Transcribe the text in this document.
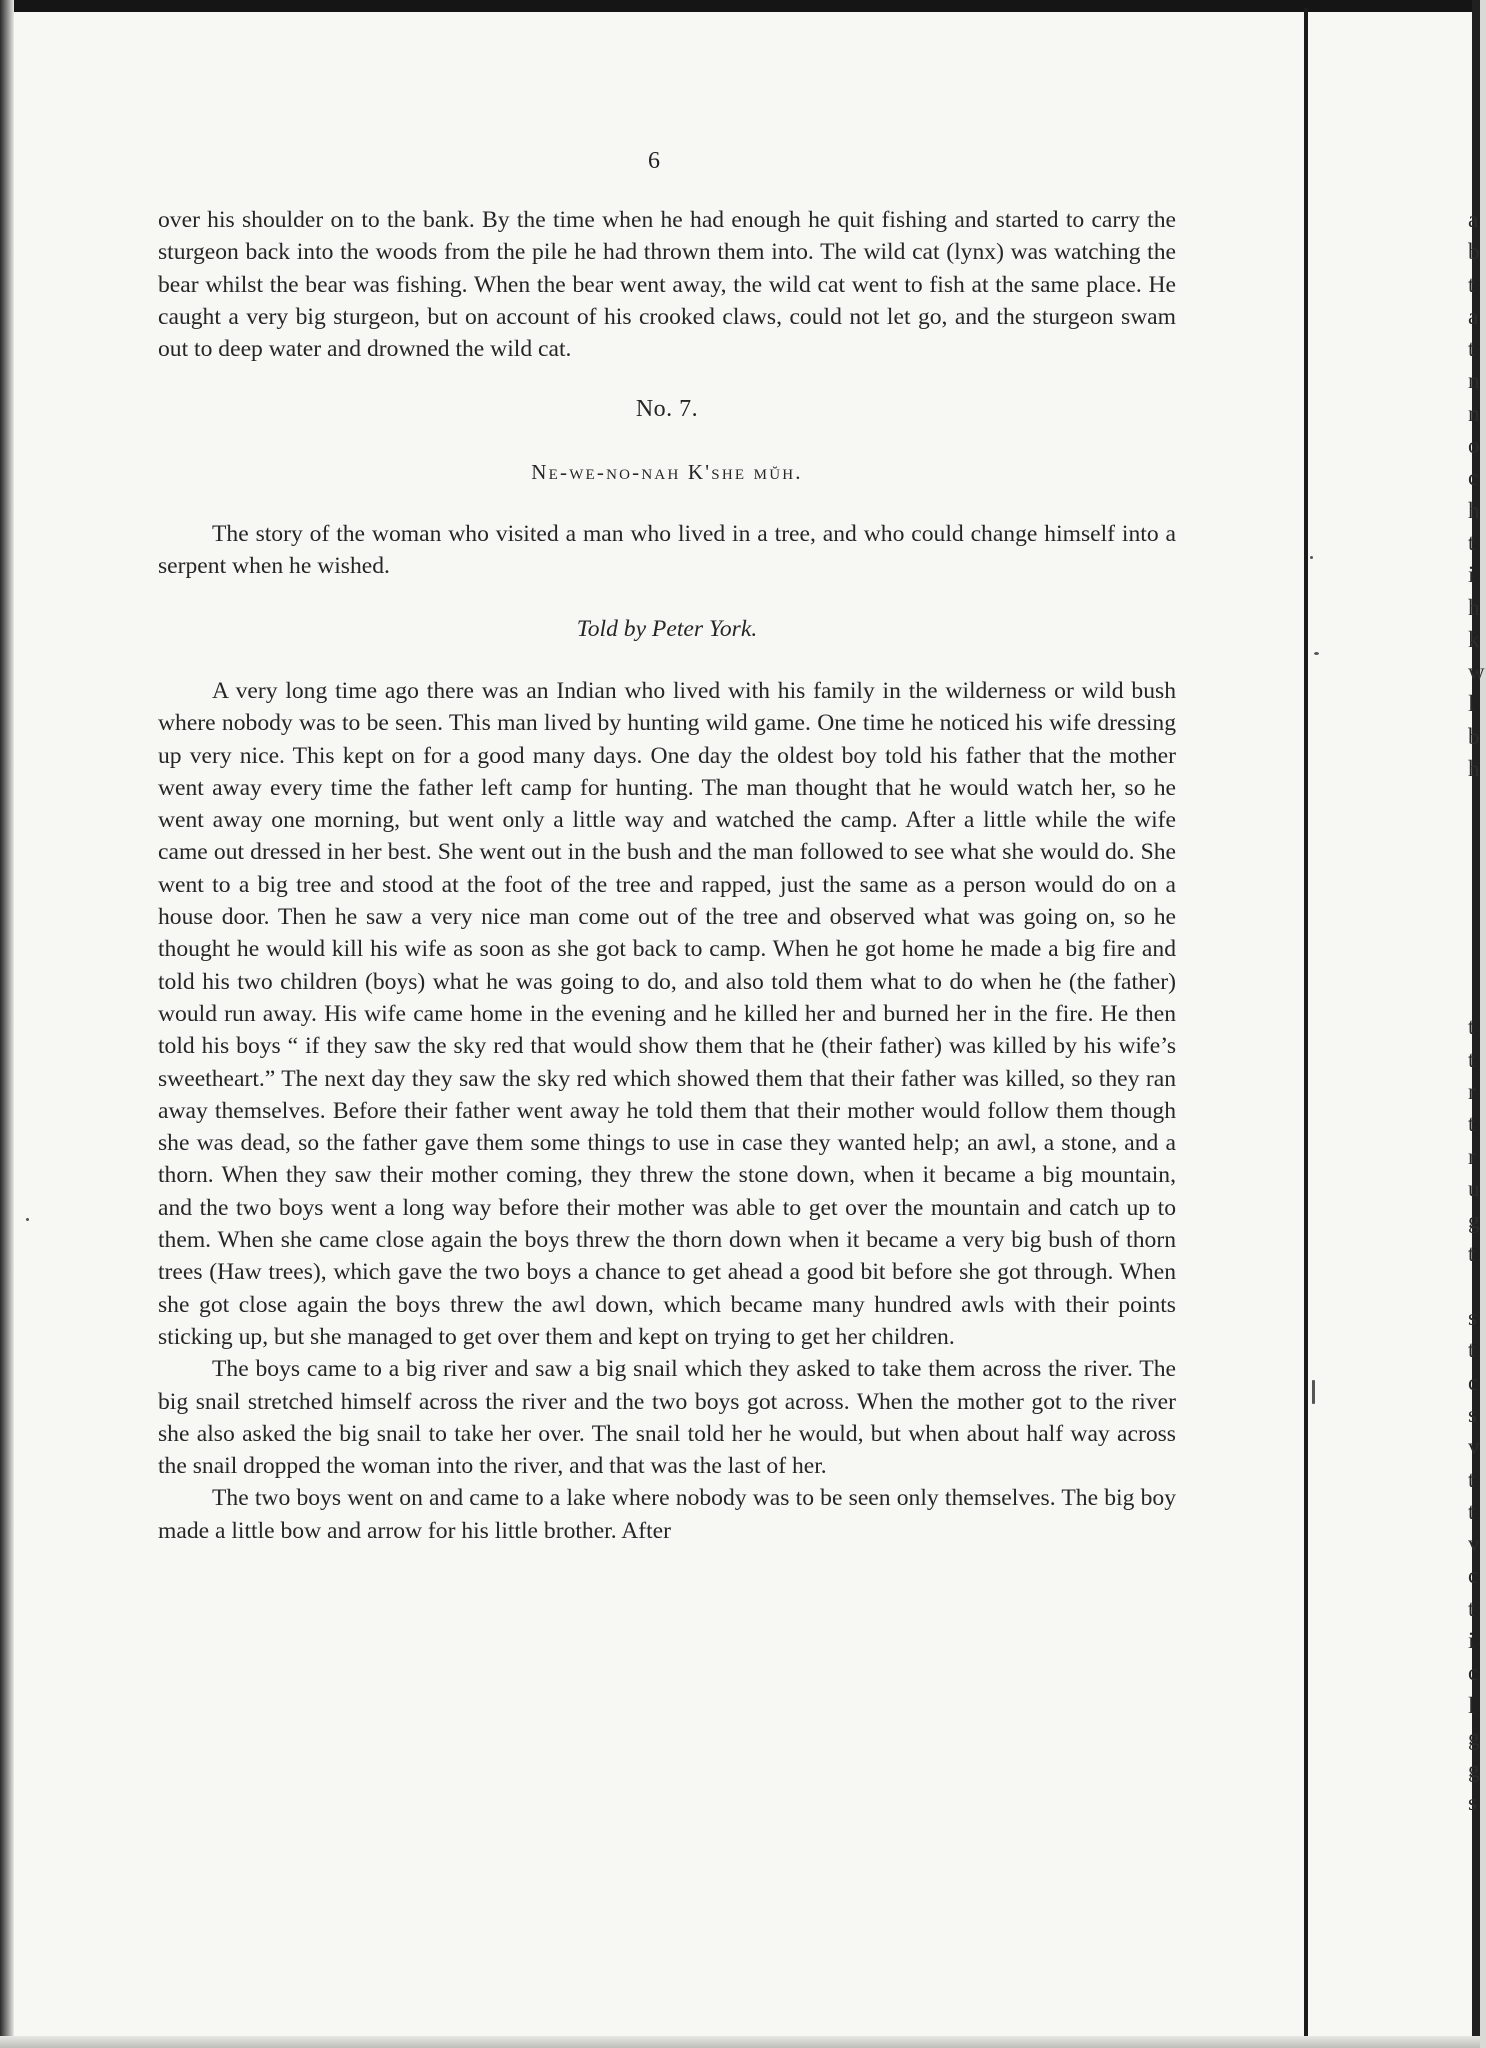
6

over his shoulder on to the bank. By the time when he had enough he quit fishing and started to carry the sturgeon back into the woods from the pile he had thrown them into. The wild cat (lynx) was watching the bear whilst the bear was fishing. When the bear went away, the wild cat went to fish at the same place. He caught a very big sturgeon, but on account of his crooked claws, could not let go, and the sturgeon swam out to deep water and drowned the wild cat.

No. 7.

Ne-we-no-nah K'she mŭh.

The story of the woman who visited a man who lived in a tree, and who could change himself into a serpent when he wished.

Told by Peter York.

A very long time ago there was an Indian who lived with his family in the wilderness or wild bush where nobody was to be seen. This man lived by hunting wild game. One time he noticed his wife dressing up very nice. This kept on for a good many days. One day the oldest boy told his father that the mother went away every time the father left camp for hunting. The man thought that he would watch her, so he went away one morning, but went only a little way and watched the camp. After a little while the wife came out dressed in her best. She went out in the bush and the man followed to see what she would do. She went to a big tree and stood at the foot of the tree and rapped, just the same as a person would do on a house door. Then he saw a very nice man come out of the tree and observed what was going on, so he thought he would kill his wife as soon as she got back to camp. When he got home he made a big fire and told his two children (boys) what he was going to do, and also told them what to do when he (the father) would run away. His wife came home in the evening and he killed her and burned her in the fire. He then told his boys “ if they saw the sky red that would show them that he (their father) was killed by his wife’s sweetheart.” The next day they saw the sky red which showed them that their father was killed, so they ran away themselves. Before their father went away he told them that their mother would follow them though she was dead, so the father gave them some things to use in case they wanted help; an awl, a stone, and a thorn. When they saw their mother coming, they threw the stone down, when it became a big mountain, and the two boys went a long way before their mother was able to get over the mountain and catch up to them. When she came close again the boys threw the thorn down when it became a very big bush of thorn trees (Haw trees), which gave the two boys a chance to get ahead a good bit before she got through. When she got close again the boys threw the awl down, which became many hundred awls with their points sticking up, but she managed to get over them and kept on trying to get her children.

The boys came to a big river and saw a big snail which they asked to take them across the river. The big snail stretched himself across the river and the two boys got across. When the mother got to the river she also asked the big snail to take her over. The snail told her he would, but when about half way across the snail dropped the woman into the river, and that was the last of her.

The two boys went on and came to a lake where nobody was to be seen only themselves. The big boy made a little bow and arrow for his little brother. After

a
b
t
a
t
n
n
o
c
h
t
i
h
k
w
l
b
h
t
t
r
t
r
u
g
t
s
t
c
s
v
t
t
v
c
t
i
c
l
g
g
s
